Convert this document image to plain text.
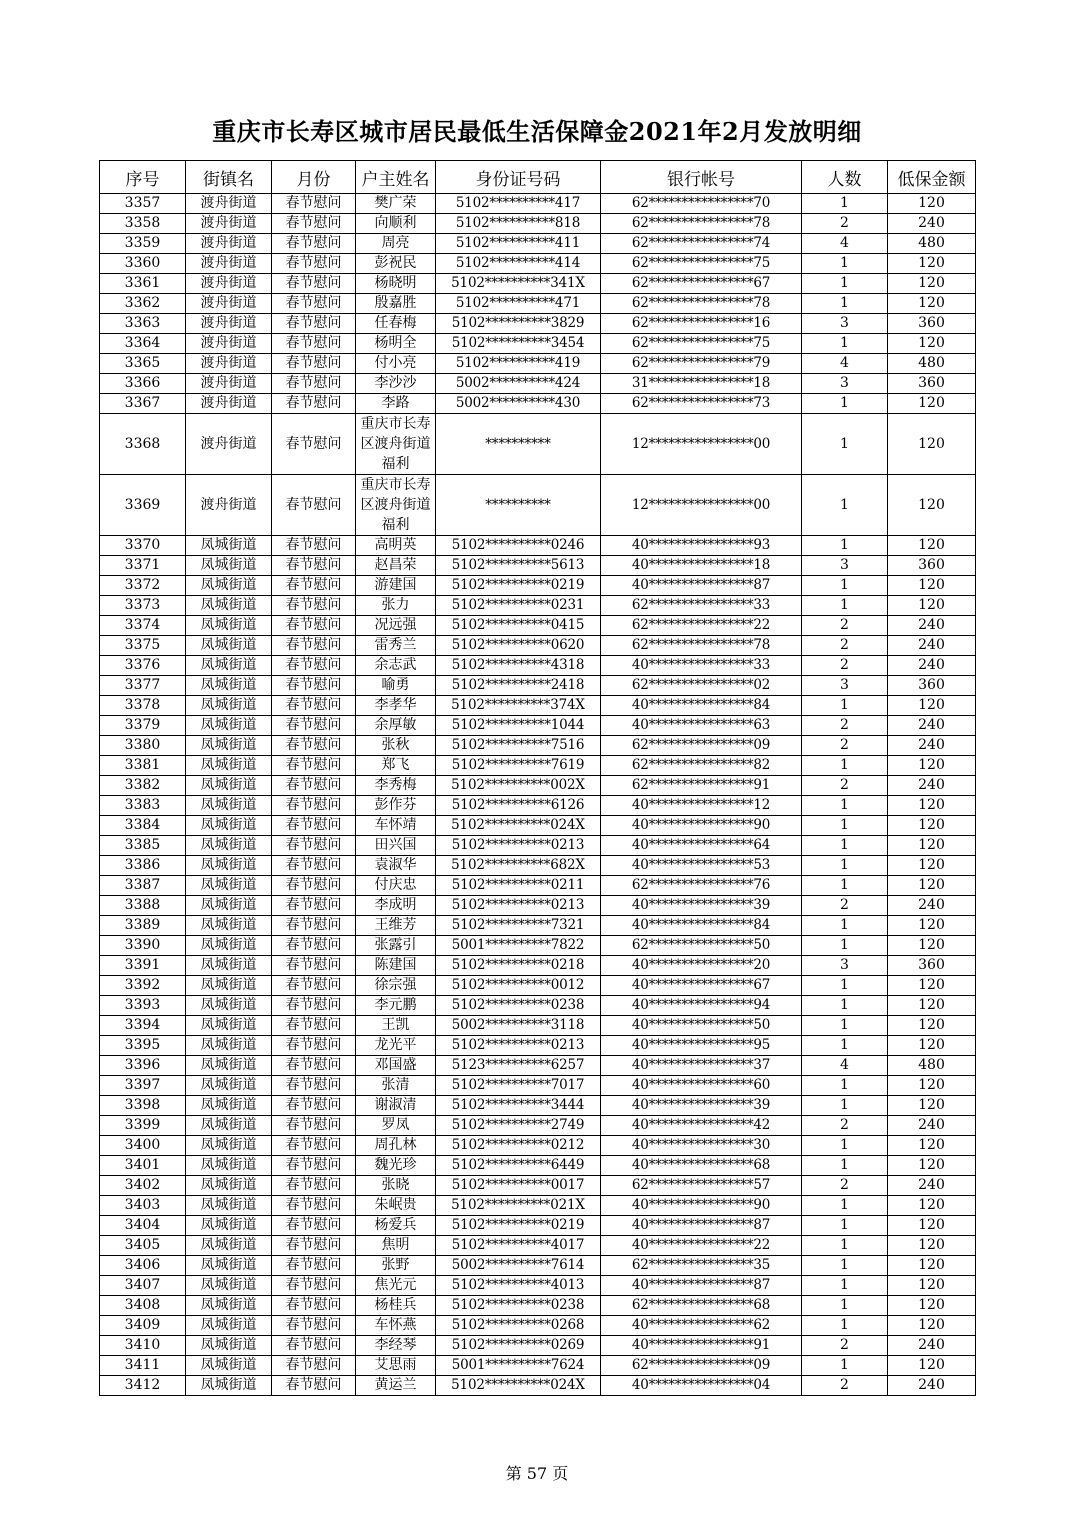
重庆市长寿区城市居民最低生活保障金2021年2月发放明细
序号	街镇名	月份	户主姓名	身份证号码	银行帐号	人数	低保金额
3357	渡舟街道	春节慰问	樊广荣	5102**********417	62****************70	1	120
3358	渡舟街道	春节慰问	向顺利	5102**********818	62****************78	2	240
3359	渡舟街道	春节慰问	周亮	5102**********411	62****************74	4	480
3360	渡舟街道	春节慰问	彭祝民	5102**********414	62****************75	1	120
3361	渡舟街道	春节慰问	杨晓明	5102**********341X	62****************67	1	120
3362	渡舟街道	春节慰问	殷嘉胜	5102**********471	62****************78	1	120
3363	渡舟街道	春节慰问	任春梅	5102**********3829	62****************16	3	360
3364	渡舟街道	春节慰问	杨明全	5102**********3454	62****************75	1	120
3365	渡舟街道	春节慰问	付小亮	5102**********419	62****************79	4	480
3366	渡舟街道	春节慰问	李沙沙	5002**********424	31****************18	3	360
3367	渡舟街道	春节慰问	李路	5002**********430	62****************73	1	120
3368	渡舟街道	春节慰问	重庆市长寿区渡舟街道福利	**********	12****************00	1	120
3369	渡舟街道	春节慰问	重庆市长寿区渡舟街道福利	**********	12****************00	1	120
3370	凤城街道	春节慰问	高明英	5102**********0246	40****************93	1	120
3371	凤城街道	春节慰问	赵昌荣	5102**********5613	40****************18	3	360
3372	凤城街道	春节慰问	游建国	5102**********0219	40****************87	1	120
3373	凤城街道	春节慰问	张力	5102**********0231	62****************33	1	120
3374	凤城街道	春节慰问	况远强	5102**********0415	62****************22	2	240
3375	凤城街道	春节慰问	雷秀兰	5102**********0620	62****************78	2	240
3376	凤城街道	春节慰问	余志武	5102**********4318	40****************33	2	240
3377	凤城街道	春节慰问	喻勇	5102**********2418	62****************02	3	360
3378	凤城街道	春节慰问	李孝华	5102**********374X	40****************84	1	120
3379	凤城街道	春节慰问	余厚敏	5102**********1044	40****************63	2	240
3380	凤城街道	春节慰问	张秋	5102**********7516	62****************09	2	240
3381	凤城街道	春节慰问	郑飞	5102**********7619	62****************82	1	120
3382	凤城街道	春节慰问	李秀梅	5102**********002X	62****************91	2	240
3383	凤城街道	春节慰问	彭作芬	5102**********6126	40****************12	1	120
3384	凤城街道	春节慰问	车怀靖	5102**********024X	40****************90	1	120
3385	凤城街道	春节慰问	田兴国	5102**********0213	40****************64	1	120
3386	凤城街道	春节慰问	袁淑华	5102**********682X	40****************53	1	120
3387	凤城街道	春节慰问	付庆忠	5102**********0211	62****************76	1	120
3388	凤城街道	春节慰问	李成明	5102**********0213	40****************39	2	240
3389	凤城街道	春节慰问	王维芳	5102**********7321	40****************84	1	120
3390	凤城街道	春节慰问	张露引	5001**********7822	62****************50	1	120
3391	凤城街道	春节慰问	陈建国	5102**********0218	40****************20	3	360
3392	凤城街道	春节慰问	徐宗强	5102**********0012	40****************67	1	120
3393	凤城街道	春节慰问	李元鹏	5102**********0238	40****************94	1	120
3394	凤城街道	春节慰问	王凯	5002**********3118	40****************50	1	120
3395	凤城街道	春节慰问	龙光平	5102**********0213	40****************95	1	120
3396	凤城街道	春节慰问	邓国盛	5123**********6257	40****************37	4	480
3397	凤城街道	春节慰问	张清	5102**********7017	40****************60	1	120
3398	凤城街道	春节慰问	谢淑清	5102**********3444	40****************39	1	120
3399	凤城街道	春节慰问	罗凤	5102**********2749	40****************42	2	240
3400	凤城街道	春节慰问	周孔林	5102**********0212	40****************30	1	120
3401	凤城街道	春节慰问	魏光珍	5102**********6449	40****************68	1	120
3402	凤城街道	春节慰问	张晓	5102**********0017	62****************57	2	240
3403	凤城街道	春节慰问	朱岷贵	5102**********021X	40****************90	1	120
3404	凤城街道	春节慰问	杨爱兵	5102**********0219	40****************87	1	120
3405	凤城街道	春节慰问	焦明	5102**********4017	40****************22	1	120
3406	凤城街道	春节慰问	张野	5002**********7614	62****************35	1	120
3407	凤城街道	春节慰问	焦光元	5102**********4013	40****************87	1	120
3408	凤城街道	春节慰问	杨桂兵	5102**********0238	62****************68	1	120
3409	凤城街道	春节慰问	车怀燕	5102**********0268	40****************62	1	120
3410	凤城街道	春节慰问	李经琴	5102**********0269	40****************91	2	240
3411	凤城街道	春节慰问	艾思雨	5001**********7624	62****************09	1	120
3412	凤城街道	春节慰问	黄运兰	5102**********024X	40****************04	2	240
第 57 页
